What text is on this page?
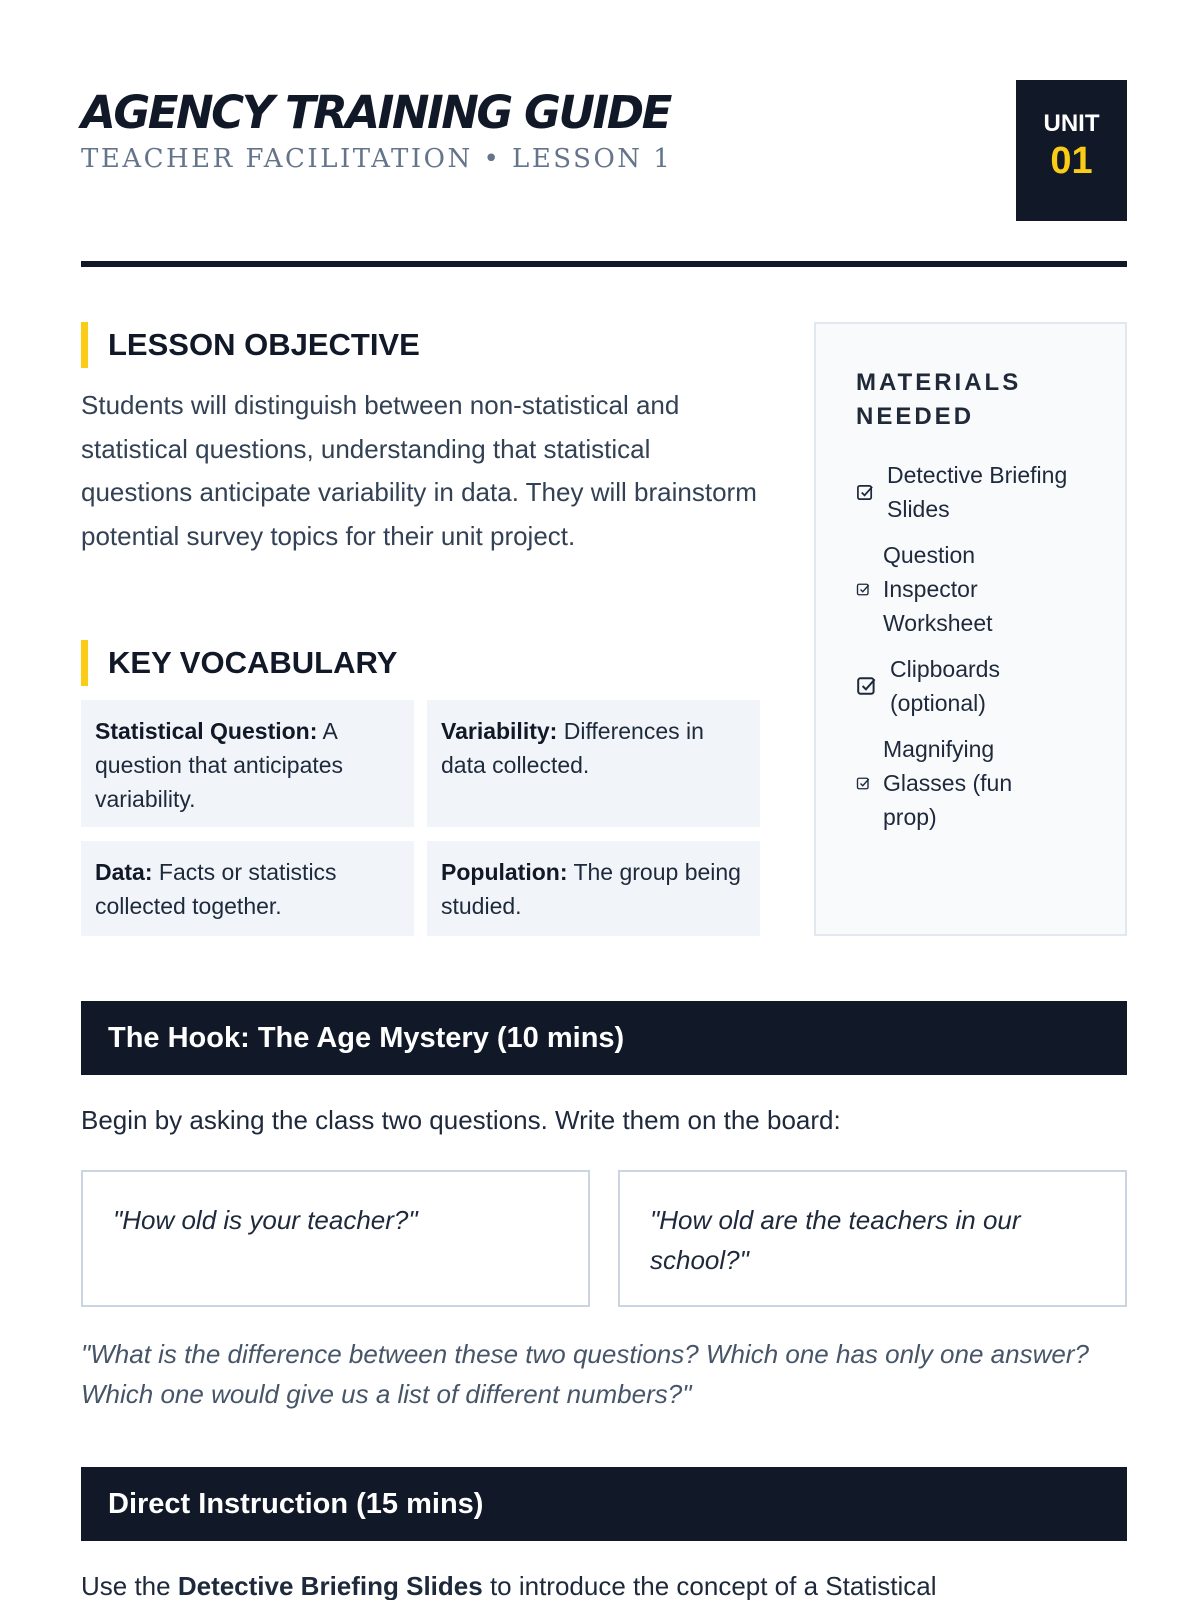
AGENCY TRAINING GUIDE
TEACHER FACILITATION • LESSON 1
UNIT
01
LESSON OBJECTIVE
Students will distinguish between non-statistical and statistical questions, understanding that statistical questions anticipate variability in data. They will brainstorm potential survey topics for their unit project.
KEY VOCABULARY
Statistical Question: A question that anticipates variability.
Variability: Differences in data collected.
Data: Facts or statistics collected together.
Population: The group being studied.
MATERIALS NEEDED
Detective Briefing Slides
Question Inspector Worksheet
Clipboards (optional)
Magnifying Glasses (fun prop)
The Hook: The Age Mystery (10 mins)
Begin by asking the class two questions. Write them on the board:
"How old is your teacher?"	"How old are the teachers in our school?"
"What is the difference between these two questions? Which one has only one answer? Which one would give us a list of different numbers?"
Direct Instruction (15 mins)
Use the Detective Briefing Slides to introduce the concept of a Statistical
